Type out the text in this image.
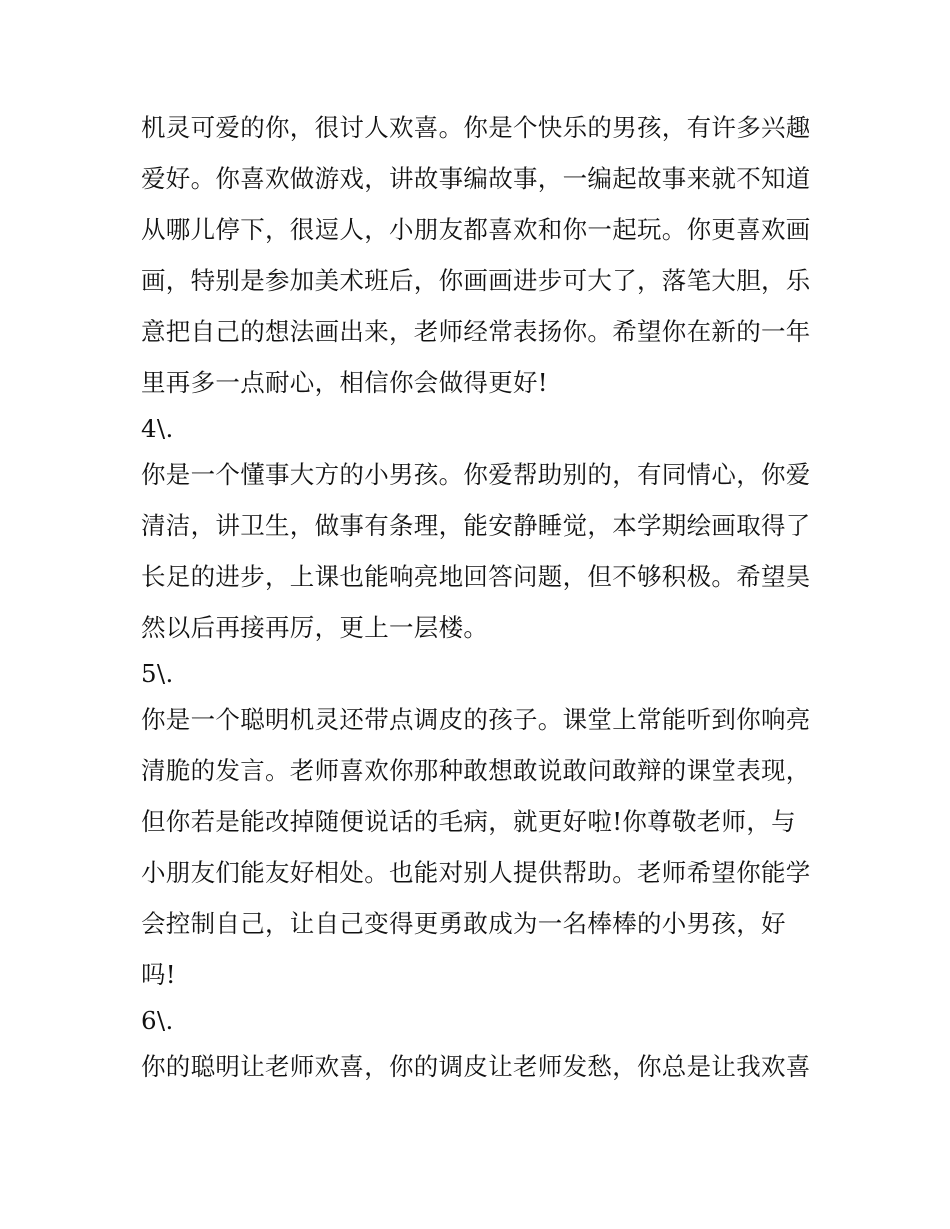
机灵可爱的你，很讨人欢喜。你是个快乐的男孩，有许多兴趣
爱好。你喜欢做游戏，讲故事编故事，一编起故事来就不知道
从哪儿停下，很逗人，小朋友都喜欢和你一起玩。你更喜欢画
画，特别是参加美术班后，你画画进步可大了，落笔大胆，乐
意把自己的想法画出来，老师经常表扬你。希望你在新的一年
里再多一点耐心，相信你会做得更好!
4\.
你是一个懂事大方的小男孩。你爱帮助别的，有同情心，你爱
清洁，讲卫生，做事有条理，能安静睡觉，本学期绘画取得了
长足的进步，上课也能响亮地回答问题，但不够积极。希望昊
然以后再接再厉，更上一层楼。
5\.
你是一个聪明机灵还带点调皮的孩子。课堂上常能听到你响亮
清脆的发言。老师喜欢你那种敢想敢说敢问敢辩的课堂表现，
但你若是能改掉随便说话的毛病，就更好啦!你尊敬老师，与
小朋友们能友好相处。也能对别人提供帮助。老师希望你能学
会控制自己，让自己变得更勇敢成为一名棒棒的小男孩，好
吗!
6\.
你的聪明让老师欢喜，你的调皮让老师发愁，你总是让我欢喜
